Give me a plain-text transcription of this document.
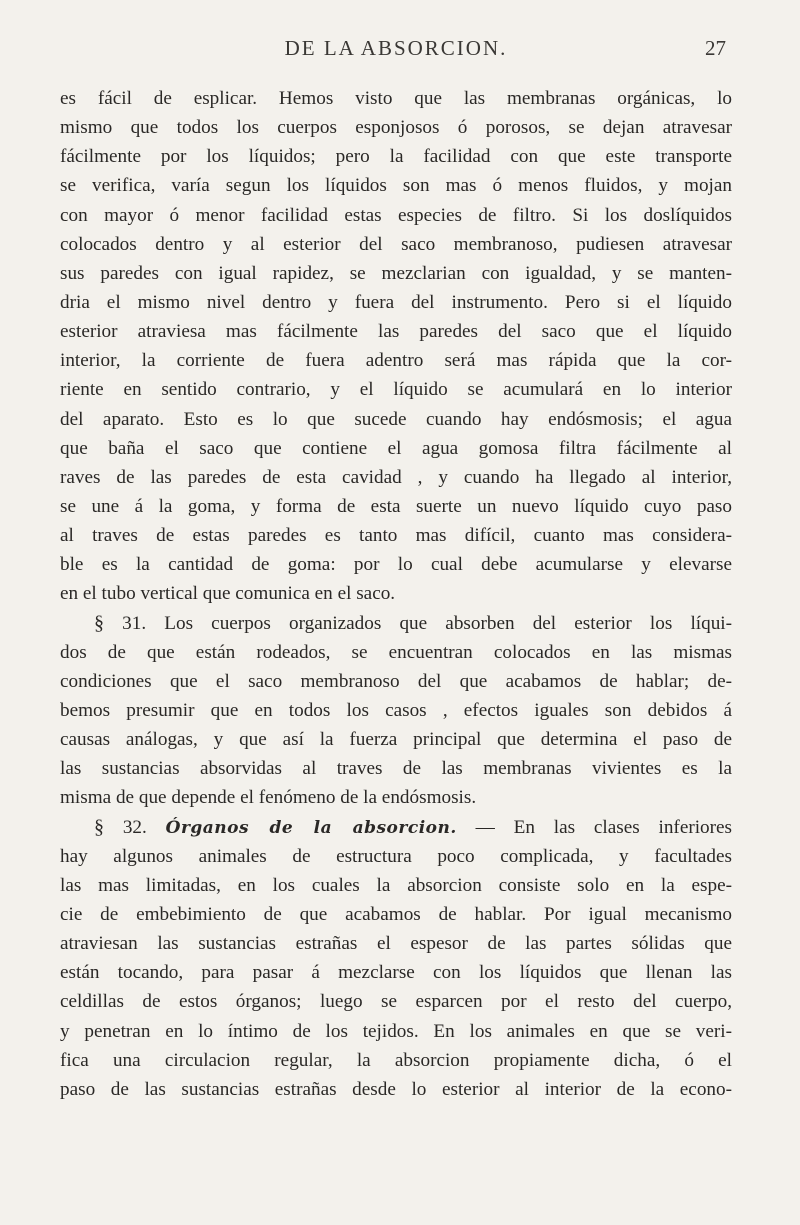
DE LA ABSORCION.	27
es fácil de esplicar. Hemos visto que las membranas orgánicas, lo
mismo que todos los cuerpos esponjosos ó porosos, se dejan atravesar
fácilmente por los líquidos; pero la facilidad con que este transporte
se verifica, varía segun los líquidos son mas ó menos fluidos, y mojan
con mayor ó menor facilidad estas especies de filtro. Si los doslíquidos
colocados dentro y al esterior del saco membranoso, pudiesen atravesar
sus paredes con igual rapidez, se mezclarian con igualdad, y se manten-
dria el mismo nivel dentro y fuera del instrumento. Pero si el líquido
esterior atraviesa mas fácilmente las paredes del saco que el líquido
interior, la corriente de fuera adentro será mas rápida que la cor-
riente en sentido contrario, y el líquido se acumulará en lo interior
del aparato. Esto es lo que sucede cuando hay endósmosis; el agua
que baña el saco que contiene el agua gomosa filtra fácilmente al
raves de las paredes de esta cavidad , y cuando ha llegado al interior,
se une á la goma, y forma de esta suerte un nuevo líquido cuyo paso
al traves de estas paredes es tanto mas difícil, cuanto mas considera-
ble es la cantidad de goma: por lo cual debe acumularse y elevarse
en el tubo vertical que comunica en el saco.
§ 31. Los cuerpos organizados que absorben del esterior los líqui-
dos de que están rodeados, se encuentran colocados en las mismas
condiciones que el saco membranoso del que acabamos de hablar; de-
bemos presumir que en todos los casos , efectos iguales son debidos á
causas análogas, y que así la fuerza principal que determina el paso de
las sustancias absorvidas al traves de las membranas vivientes es la
misma de que depende el fenómeno de la endósmosis.
§ 32. Órganos de la absorcion. — En las clases inferiores
hay algunos animales de estructura poco complicada, y facultades
las mas limitadas, en los cuales la absorcion consiste solo en la espe-
cie de embebimiento de que acabamos de hablar. Por igual mecanismo
atraviesan las sustancias estrañas el espesor de las partes sólidas que
están tocando, para pasar á mezclarse con los líquidos que llenan las
celdillas de estos órganos; luego se esparcen por el resto del cuerpo,
y penetran en lo íntimo de los tejidos. En los animales en que se veri-
fica una circulacion regular, la absorcion propiamente dicha, ó el
paso de las sustancias estrañas desde lo esterior al interior de la econo-
